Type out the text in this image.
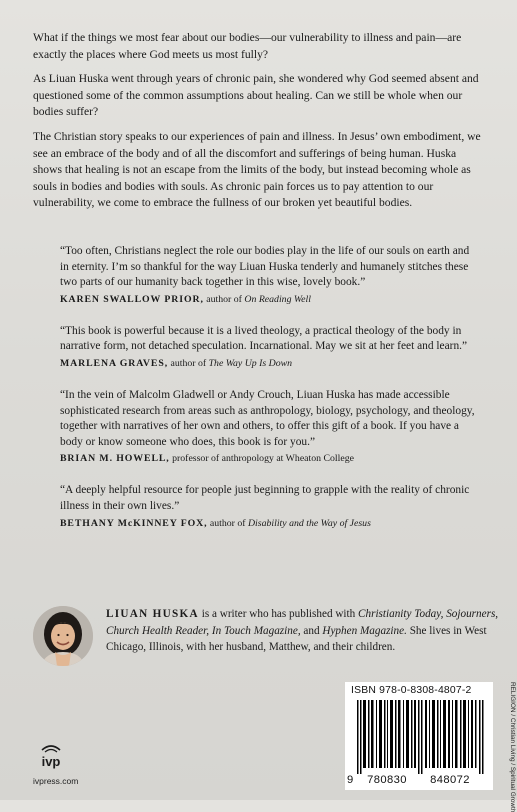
What if the things we most fear about our bodies—our vulnerability to illness and pain—are exactly the places where God meets us most fully?

As Liuan Huska went through years of chronic pain, she wondered why God seemed absent and questioned some of the common assumptions about healing. Can we still be whole when our bodies suffer?

The Christian story speaks to our experiences of pain and illness. In Jesus’ own embodiment, we see an embrace of the body and of all the discomfort and sufferings of being human. Huska shows that healing is not an escape from the limits of the body, but instead becoming whole as souls in bodies and bodies with souls. As chronic pain forces us to pay attention to our vulnerability, we come to embrace the fullness of our broken yet beautiful bodies.

“Too often, Christians neglect the role our bodies play in the life of our souls on earth and in eternity. I’m so thankful for the way Liuan Huska tenderly and humanely stitches these two parts of our humanity back together in this wise, lovely book.”

KAREN SWALLOW PRIOR, author of On Reading Well

“This book is powerful because it is a lived theology, a practical theology of the body in narrative form, not detached speculation. Incarnational. May we sit at her feet and learn.”

MARLENA GRAVES, author of The Way Up Is Down

“In the vein of Malcolm Gladwell or Andy Crouch, Liuan Huska has made accessible sophisticated research from areas such as anthropology, biology, psychology, and theology, together with narratives of her own and others, to offer this gift of a book. If you have a body or know someone who does, this book is for you.”

BRIAN M. HOWELL, professor of anthropology at Wheaton College

“A deeply helpful resource for people just beginning to grapple with the reality of chronic illness in their own lives.”

BETHANY McKINNEY FOX, author of Disability and the Way of Jesus

LIUAN HUSKA is a writer who has published with Christianity Today, Sojourners, Church Health Reader, In Touch Magazine, and Hyphen Magazine. She lives in West Chicago, Illinois, with her husband, Matthew, and their children.

ivp
ivpress.com
ISBN 978-0-8308-4807-2
9	780830	848072	RELIGION / Christian Living / Spiritual Growth
